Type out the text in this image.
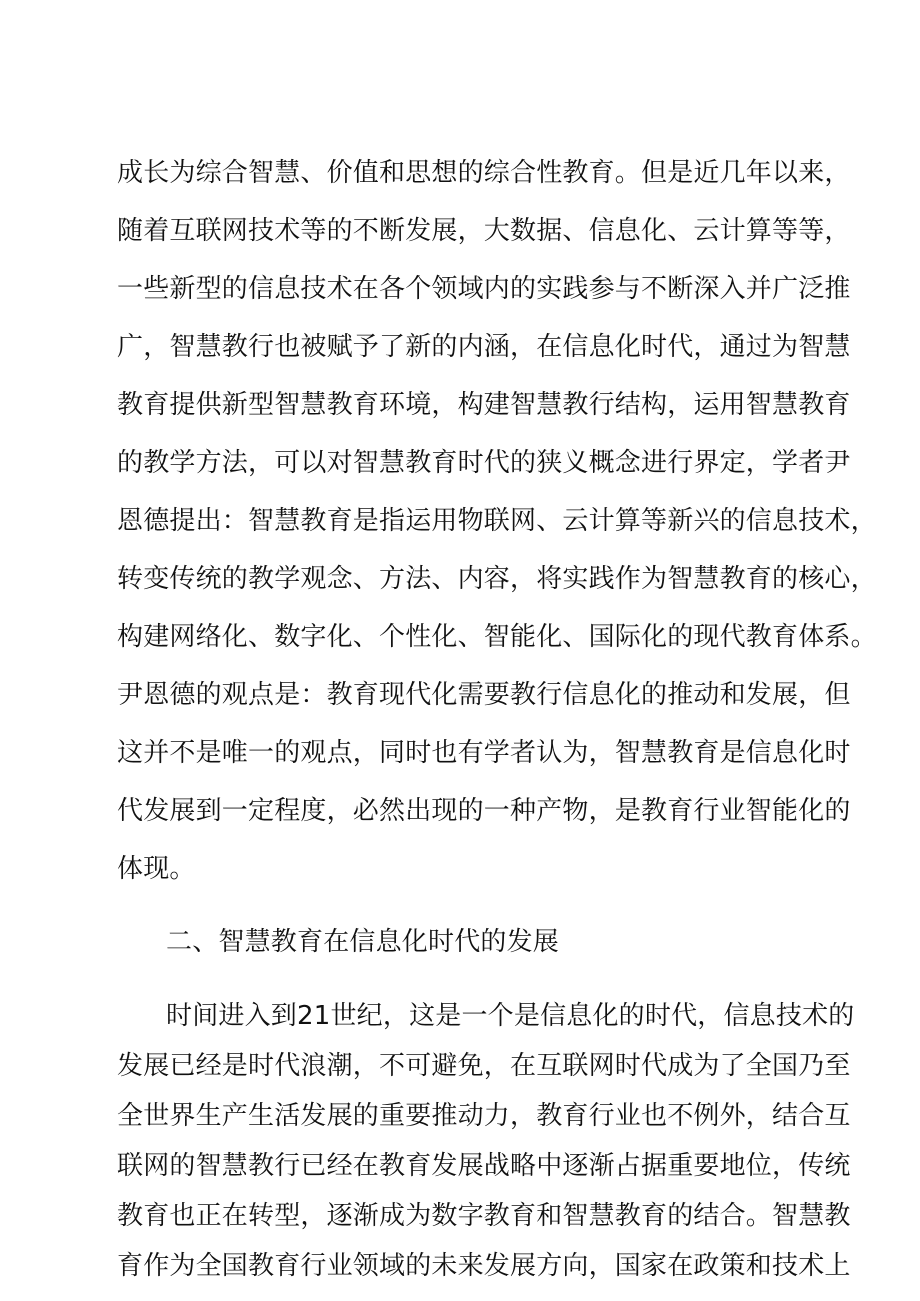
成长为综合智慧、价值和思想的综合性教育。但是近几年以来，
随着互联网技术等的不断发展，大数据、信息化、云计算等等，
一些新型的信息技术在各个领域内的实践参与不断深入并广泛推
广，智慧教行也被赋予了新的内涵，在信息化时代，通过为智慧
教育提供新型智慧教育环境，构建智慧教行结构，运用智慧教育
的教学方法，可以对智慧教育时代的狭义概念进行界定，学者尹
恩德提出：智慧教育是指运用物联网、云计算等新兴的信息技术，
转变传统的教学观念、方法、内容，将实践作为智慧教育的核心，
构建网络化、数字化、个性化、智能化、国际化的现代教育体系。
尹恩德的观点是：教育现代化需要教行信息化的推动和发展，但
这并不是唯一的观点，同时也有学者认为，智慧教育是信息化时
代发展到一定程度，必然出现的一种产物，是教育行业智能化的
体现。
二、智慧教育在信息化时代的发展
时间进入到21世纪，这是一个是信息化的时代，信息技术的
发展已经是时代浪潮，不可避免，在互联网时代成为了全国乃至
全世界生产生活发展的重要推动力，教育行业也不例外，结合互
联网的智慧教行已经在教育发展战略中逐渐占据重要地位，传统
教育也正在转型，逐渐成为数字教育和智慧教育的结合。智慧教
育作为全国教育行业领域的未来发展方向，国家在政策和技术上
